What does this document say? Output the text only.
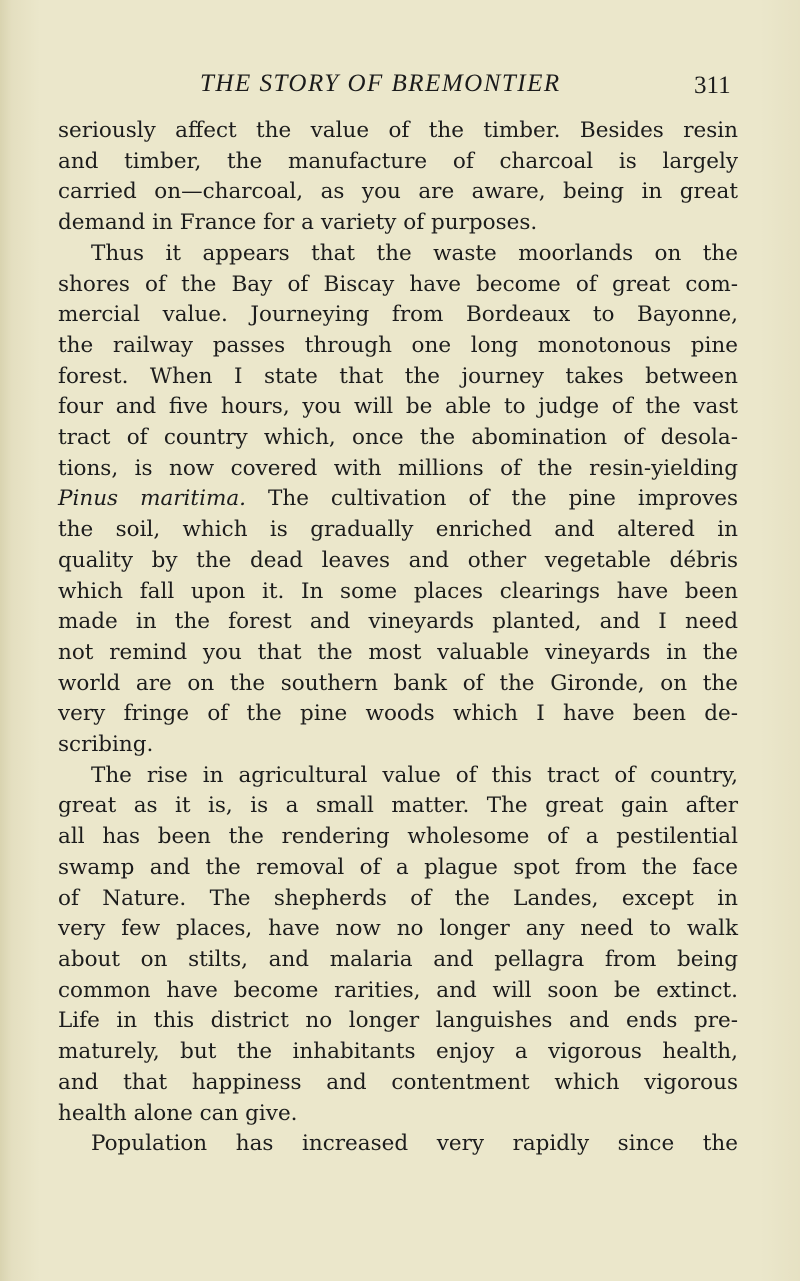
THE STORY OF BREMONTIER	311
seriously affect the value of the timber. Besides resin
and timber, the manufacture of charcoal is largely
carried on—charcoal, as you are aware, being in great
demand in France for a variety of purposes.
Thus it appears that the waste moorlands on the
shores of the Bay of Biscay have become of great com-
mercial value. Journeying from Bordeaux to Bayonne,
the railway passes through one long monotonous pine
forest. When I state that the journey takes between
four and five hours, you will be able to judge of the vast
tract of country which, once the abomination of desola-
tions, is now covered with millions of the resin-yielding
Pinus maritima. The cultivation of the pine improves
the soil, which is gradually enriched and altered in
quality by the dead leaves and other vegetable débris
which fall upon it. In some places clearings have been
made in the forest and vineyards planted, and I need
not remind you that the most valuable vineyards in the
world are on the southern bank of the Gironde, on the
very fringe of the pine woods which I have been de-
scribing.
The rise in agricultural value of this tract of country,
great as it is, is a small matter. The great gain after
all has been the rendering wholesome of a pestilential
swamp and the removal of a plague spot from the face
of Nature. The shepherds of the Landes, except in
very few places, have now no longer any need to walk
about on stilts, and malaria and pellagra from being
common have become rarities, and will soon be extinct.
Life in this district no longer languishes and ends pre-
maturely, but the inhabitants enjoy a vigorous health,
and that happiness and contentment which vigorous
health alone can give.
Population has increased very rapidly since the
